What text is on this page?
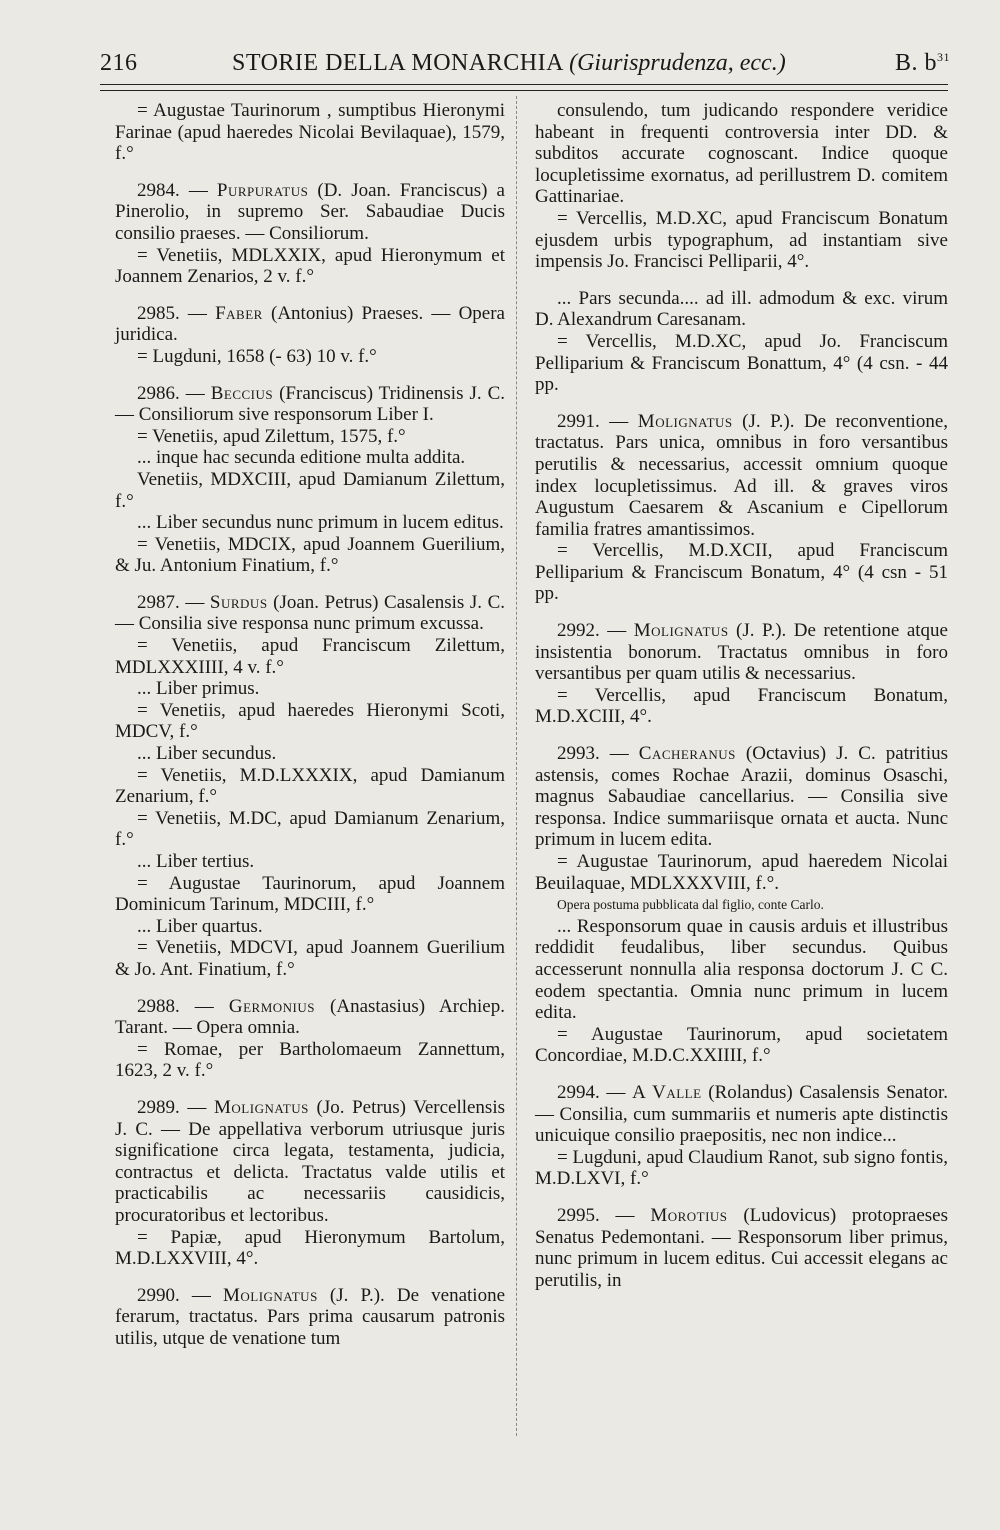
216	STORIE DELLA MONARCHIA (Giurisprudenza, ecc.)	B. $b^{31}$

= Augustae Taurinorum , sumptibus Hieronymi Farinae (apud haeredes Nicolai Bevilaquae), 1579, f.°

2984. — Purpuratus (D. Joan. Franciscus) a Pinerolio, in supremo Ser. Sabaudiae Ducis consilio praeses. — Consiliorum.

= Venetiis, MDLXXIX, apud Hieronymum et Joannem Zenarios, 2 v. f.°

2985. — Faber (Antonius) Praeses. — Opera juridica.

= Lugduni, 1658 (- 63) 10 v. f.°

2986. — Beccius (Franciscus) Tridinensis J. C. — Consiliorum sive responsorum Liber I.

= Venetiis, apud Zilettum, 1575, f.°

... inque hac secunda editione multa addita.

Venetiis, MDXCIII, apud Damianum Zilettum, f.°

... Liber secundus nunc primum in lucem editus.

= Venetiis, MDCIX, apud Joannem Guerilium, & Ju. Antonium Finatium, f.°

2987. — Surdus (Joan. Petrus) Casalensis J. C. — Consilia sive responsa nunc primum excussa.

= Venetiis, apud Franciscum Zilettum, MDLXXXIIII, 4 v. f.°

... Liber primus.

= Venetiis, apud haeredes Hieronymi Scoti, MDCV, f.°

... Liber secundus.

= Venetiis, M.D.LXXXIX, apud Damianum Zenarium, f.°

= Venetiis, M.DC, apud Damianum Zenarium, f.°

... Liber tertius.

= Augustae Taurinorum, apud Joannem Dominicum Tarinum, MDCIII, f.°

... Liber quartus.

= Venetiis, MDCVI, apud Joannem Guerilium & Jo. Ant. Finatium, f.°

2988. — Germonius (Anastasius) Archiep. Tarant. — Opera omnia.

= Romae, per Bartholomaeum Zannettum, 1623, 2 v. f.°

2989. — Molignatus (Jo. Petrus) Vercellensis J. C. — De appellativa verborum utriusque juris significatione circa legata, testamenta, judicia, contractus et delicta. Tractatus valde utilis et practicabilis ac necessariis causidicis, procuratoribus et lectoribus.

= Papiæ, apud Hieronymum Bartolum, M.D.LXXVIII, 4°.

2990. — Molignatus (J. P.). De venatione ferarum, tractatus. Pars prima causarum patronis utilis, utque de venatione tum

consulendo, tum judicando respondere veridice habeant in frequenti controversia inter DD. & subditos accurate cognoscant. Indice quoque locupletissime exornatus, ad perillustrem D. comitem Gattinariae.

= Vercellis, M.D.XC, apud Franciscum Bonatum ejusdem urbis typographum, ad instantiam sive impensis Jo. Francisci Pelliparii, 4°.

... Pars secunda.... ad ill. admodum & exc. virum D. Alexandrum Caresanam.

= Vercellis, M.D.XC, apud Jo. Franciscum Pelliparium & Franciscum Bonattum, 4° (4 csn. - 44 pp.

2991. — Molignatus (J. P.). De reconventione, tractatus. Pars unica, omnibus in foro versantibus perutilis & necessarius, accessit omnium quoque index locupletissimus. Ad ill. & graves viros Augustum Caesarem & Ascanium e Cipellorum familia fratres amantissimos.

= Vercellis, M.D.XCII, apud Franciscum Pelliparium & Franciscum Bonatum, 4° (4 csn - 51 pp.

2992. — Molignatus (J. P.). De retentione atque insistentia bonorum. Tractatus omnibus in foro versantibus per quam utilis & necessarius.

= Vercellis, apud Franciscum Bonatum, M.D.XCIII, 4°.

2993. — Cacheranus (Octavius) J. C. patritius astensis, comes Rochae Arazii, dominus Osaschi, magnus Sabaudiae cancellarius. — Consilia sive responsa. Indice summariisque ornata et aucta. Nunc primum in lucem edita.

= Augustae Taurinorum, apud haeredem Nicolai Beuilaquae, MDLXXXVIII, f.°.

Opera postuma pubblicata dal figlio, conte Carlo.

... Responsorum quae in causis arduis et illustribus reddidit feudalibus, liber secundus. Quibus accesserunt nonnulla alia responsa doctorum J. C C. eodem spectantia. Omnia nunc primum in lucem edita.

= Augustae Taurinorum, apud societatem Concordiae, M.D.C.XXIIII, f.°

2994. — A Valle (Rolandus) Casalensis Senator. — Consilia, cum summariis et numeris apte distinctis unicuique consilio praepositis, nec non indice...

= Lugduni, apud Claudium Ranot, sub signo fontis, M.D.LXVI, f.°

2995. — Morotius (Ludovicus) protopraeses Senatus Pedemontani. — Responsorum liber primus, nunc primum in lucem editus. Cui accessit elegans ac perutilis, in
